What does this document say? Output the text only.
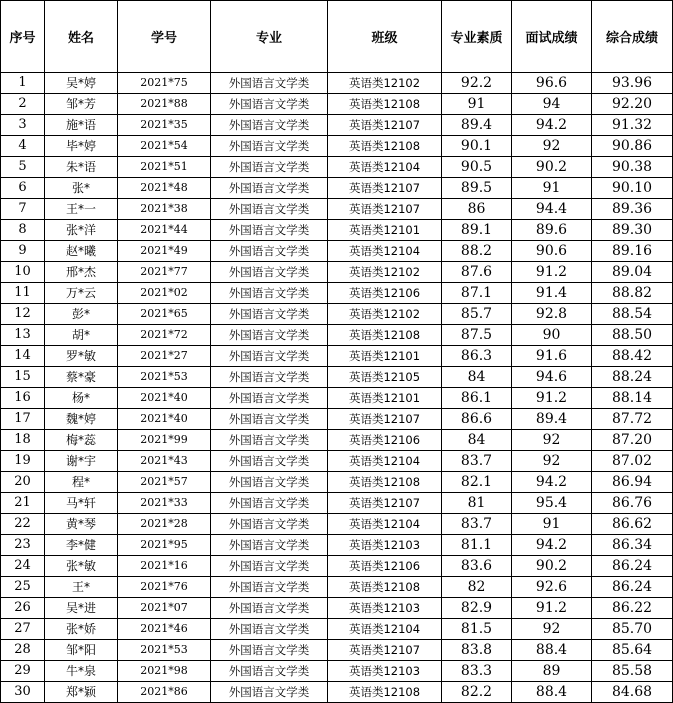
序号	姓名	学号	专业	班级	专业素质	面试成绩	综合成绩
1	吴*婷	2021*75	外国语言文学类	英语类12102	92.2	96.6	93.96
2	邹*芳	2021*88	外国语言文学类	英语类12108	91	94	92.20
3	施*语	2021*35	外国语言文学类	英语类12107	89.4	94.2	91.32
4	毕*婷	2021*54	外国语言文学类	英语类12108	90.1	92	90.86
5	朱*语	2021*51	外国语言文学类	英语类12104	90.5	90.2	90.38
6	张*	2021*48	外国语言文学类	英语类12107	89.5	91	90.10
7	王*一	2021*38	外国语言文学类	英语类12107	86	94.4	89.36
8	张*洋	2021*44	外国语言文学类	英语类12101	89.1	89.6	89.30
9	赵*曦	2021*49	外国语言文学类	英语类12104	88.2	90.6	89.16
10	邢*杰	2021*77	外国语言文学类	英语类12102	87.6	91.2	89.04
11	万*云	2021*02	外国语言文学类	英语类12106	87.1	91.4	88.82
12	彭*	2021*65	外国语言文学类	英语类12102	85.7	92.8	88.54
13	胡*	2021*72	外国语言文学类	英语类12108	87.5	90	88.50
14	罗*敏	2021*27	外国语言文学类	英语类12101	86.3	91.6	88.42
15	蔡*豪	2021*53	外国语言文学类	英语类12105	84	94.6	88.24
16	杨*	2021*40	外国语言文学类	英语类12101	86.1	91.2	88.14
17	魏*婷	2021*40	外国语言文学类	英语类12107	86.6	89.4	87.72
18	梅*蕊	2021*99	外国语言文学类	英语类12106	84	92	87.20
19	谢*宇	2021*43	外国语言文学类	英语类12104	83.7	92	87.02
20	程*	2021*57	外国语言文学类	英语类12108	82.1	94.2	86.94
21	马*轩	2021*33	外国语言文学类	英语类12107	81	95.4	86.76
22	黄*琴	2021*28	外国语言文学类	英语类12104	83.7	91	86.62
23	李*健	2021*95	外国语言文学类	英语类12103	81.1	94.2	86.34
24	张*敏	2021*16	外国语言文学类	英语类12106	83.6	90.2	86.24
25	王*	2021*76	外国语言文学类	英语类12108	82	92.6	86.24
26	吴*进	2021*07	外国语言文学类	英语类12103	82.9	91.2	86.22
27	张*娇	2021*46	外国语言文学类	英语类12104	81.5	92	85.70
28	邹*阳	2021*53	外国语言文学类	英语类12107	83.8	88.4	85.64
29	牛*泉	2021*98	外国语言文学类	英语类12103	83.3	89	85.58
30	郑*颖	2021*86	外国语言文学类	英语类12108	82.2	88.4	84.68
